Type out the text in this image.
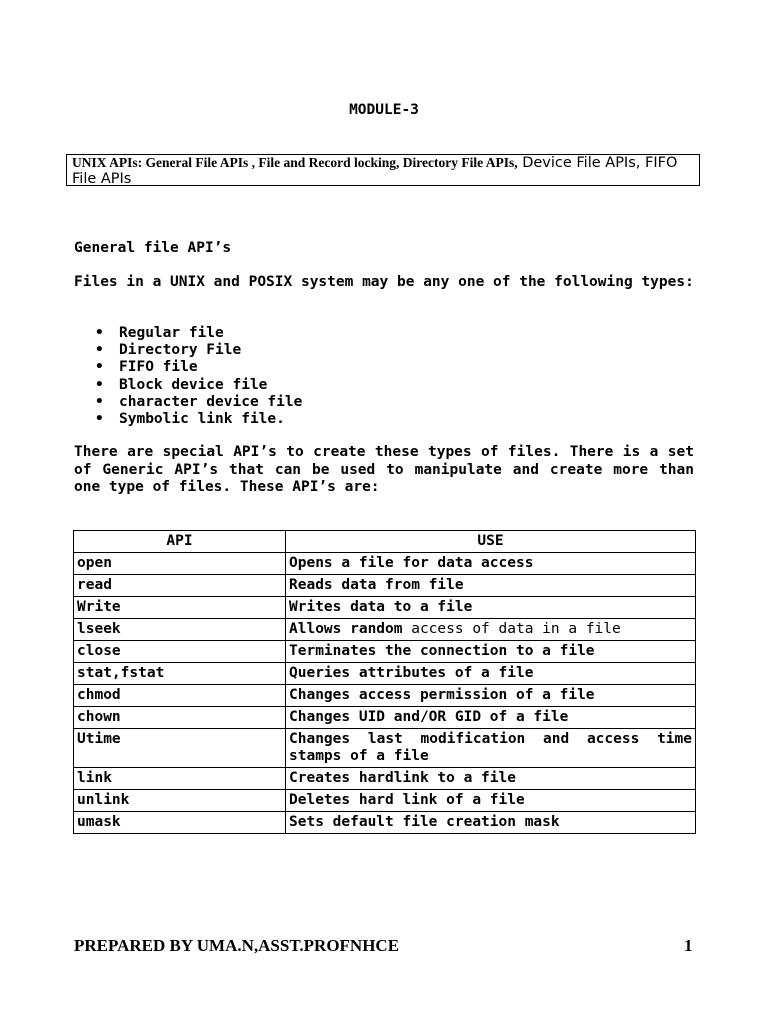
MODULE-3
UNIX APIs: General File APIs , File and Record locking, Directory File APIs, Device File APIs, FIFO File APIs
General file API’s
Files in a UNIX and POSIX system may be any one of the following types:
• Regular file
• Directory File
• FIFO file
• Block device file
• character device file
• Symbolic link file.
There are special API’s to create these types of files. There is a set of Generic API’s that can be used to manipulate and create more than one type of files. These API’s are:
API	USE
open	Opens a file for data access
read	Reads data from file
Write	Writes data to a file
lseek	Allows random access of data in a file
close	Terminates the connection to a file
stat,fstat	Queries attributes of a file
chmod	Changes access permission of a file
chown	Changes UID and/OR GID of a file
Utime	Changes last modification and access time stamps of a file
link	Creates hardlink to a file
unlink	Deletes hard link of a file
umask	Sets default file creation mask
PREPARED BY UMA.N,ASST.PROFNHCE	1
